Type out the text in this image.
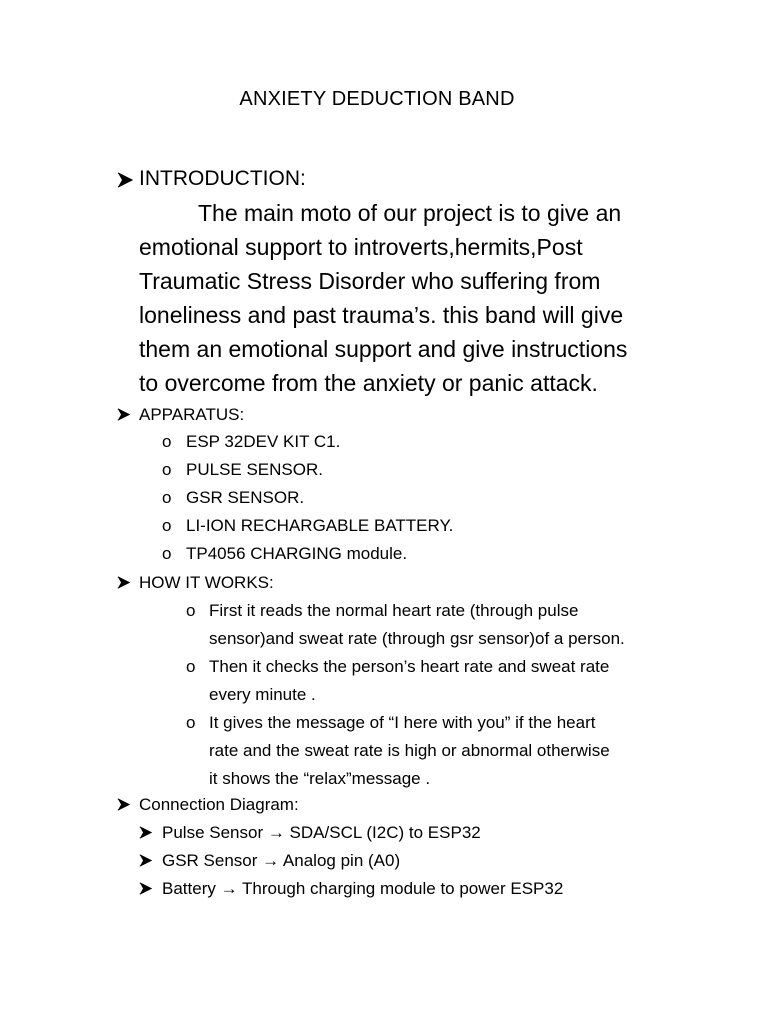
ANXIETY DEDUCTION BAND
INTRODUCTION:
The main moto of our project is to give an
emotional support to introverts,hermits,Post
Traumatic Stress Disorder who suffering from
loneliness and past trauma’s. this band will give
them an emotional support and give instructions
to overcome from the anxiety or panic attack.
APPARATUS:
o ESP 32DEV KIT C1.
o PULSE SENSOR.
o GSR SENSOR.
o LI-ION RECHARGABLE BATTERY.
o TP4056 CHARGING module.
HOW IT WORKS:
o First it reads the normal heart rate (through pulse
sensor)and sweat rate (through gsr sensor)of a person.
o Then it checks the person’s heart rate and sweat rate
every minute .
o It gives the message of “I here with you” if the heart
rate and the sweat rate is high or abnormal otherwise
it shows the “relax”message .
Connection Diagram:
Pulse Sensor → SDA/SCL (I2C) to ESP32
GSR Sensor → Analog pin (A0)
Battery → Through charging module to power ESP32
